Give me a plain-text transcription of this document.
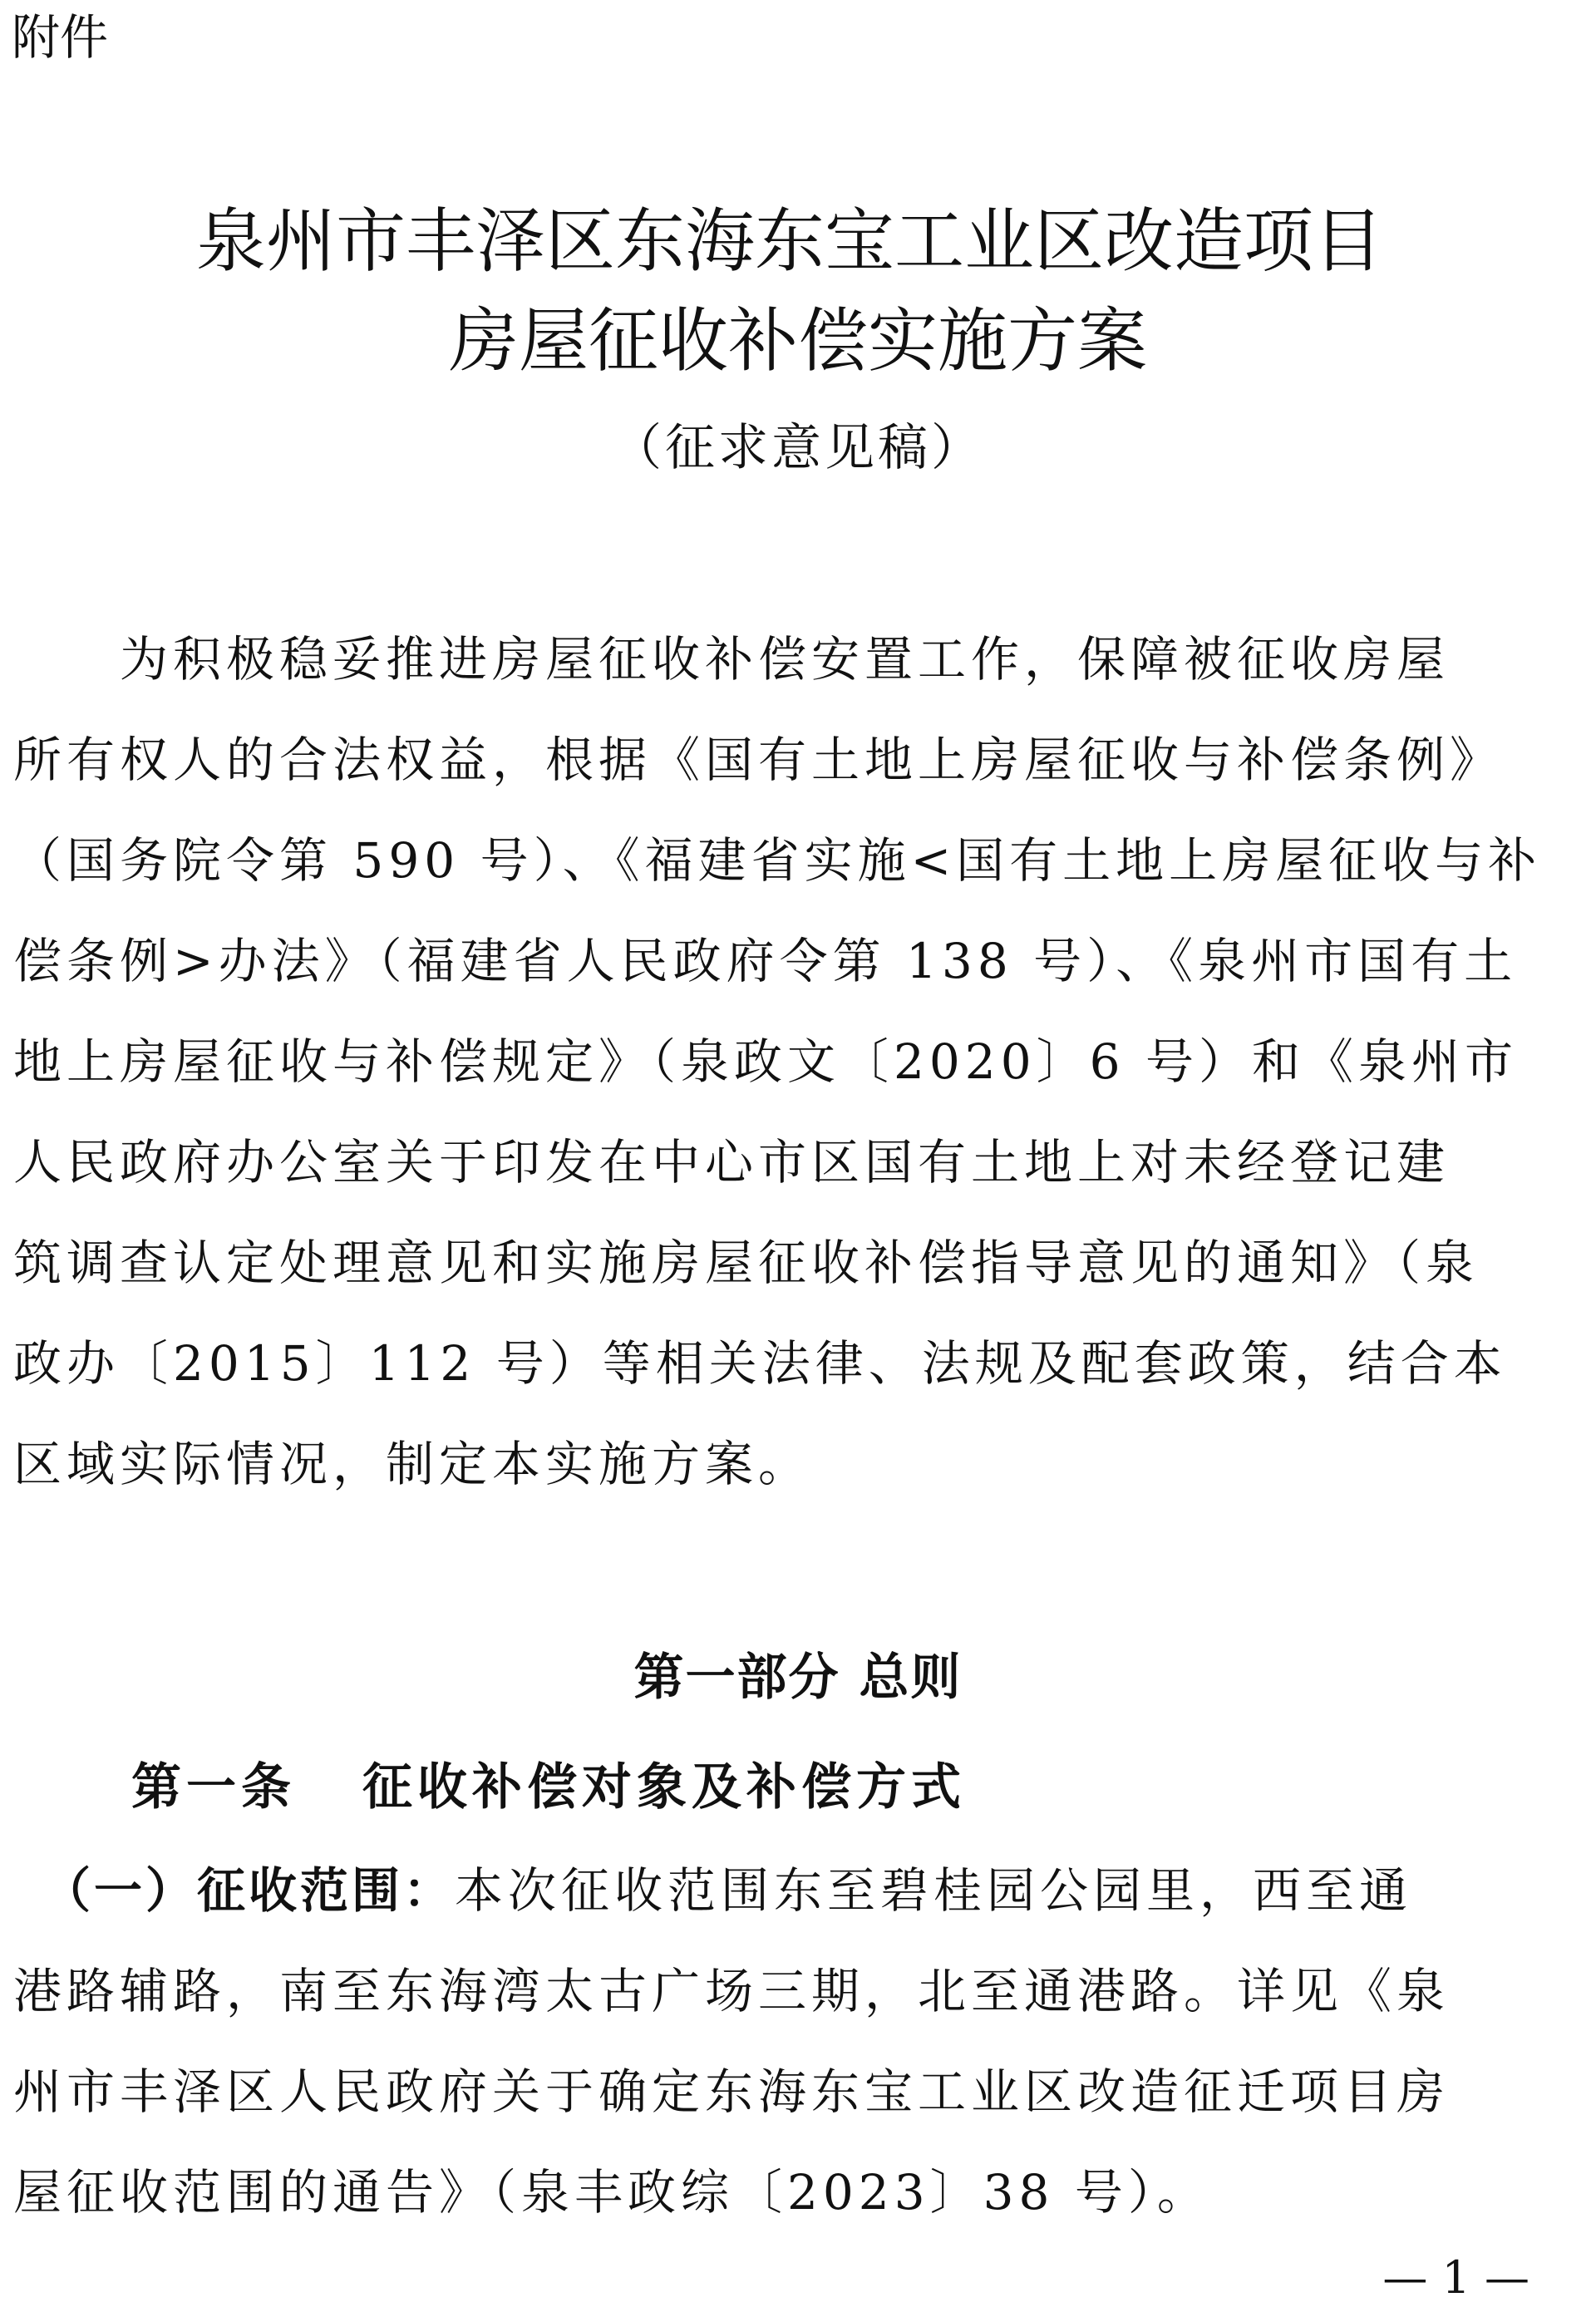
附件

泉州市丰泽区东海东宝工业区改造项目
房屋征收补偿实施方案

（征求意见稿）

　　为积极稳妥推进房屋征收补偿安置工作，保障被征收房屋
所有权人的合法权益，根据《国有土地上房屋征收与补偿条例》
（国务院令第 590 号）、《福建省实施<国有土地上房屋征收与补
偿条例>办法》（福建省人民政府令第 138 号）、《泉州市国有土
地上房屋征收与补偿规定》（泉政文〔2020〕6 号）和《泉州市
人民政府办公室关于印发在中心市区国有土地上对未经登记建
筑调查认定处理意见和实施房屋征收补偿指导意见的通知》（泉
政办〔2015〕112 号）等相关法律、法规及配套政策，结合本
区域实际情况，制定本实施方案。
第一部分 总则
第一条 征收补偿对象及补偿方式
　（一）征收范围：本次征收范围东至碧桂园公园里，西至通
港路辅路，南至东海湾太古广场三期，北至通港路。详见《泉
州市丰泽区人民政府关于确定东海东宝工业区改造征迁项目房
屋征收范围的通告》（泉丰政综〔2023〕38 号）。

— 1 —
